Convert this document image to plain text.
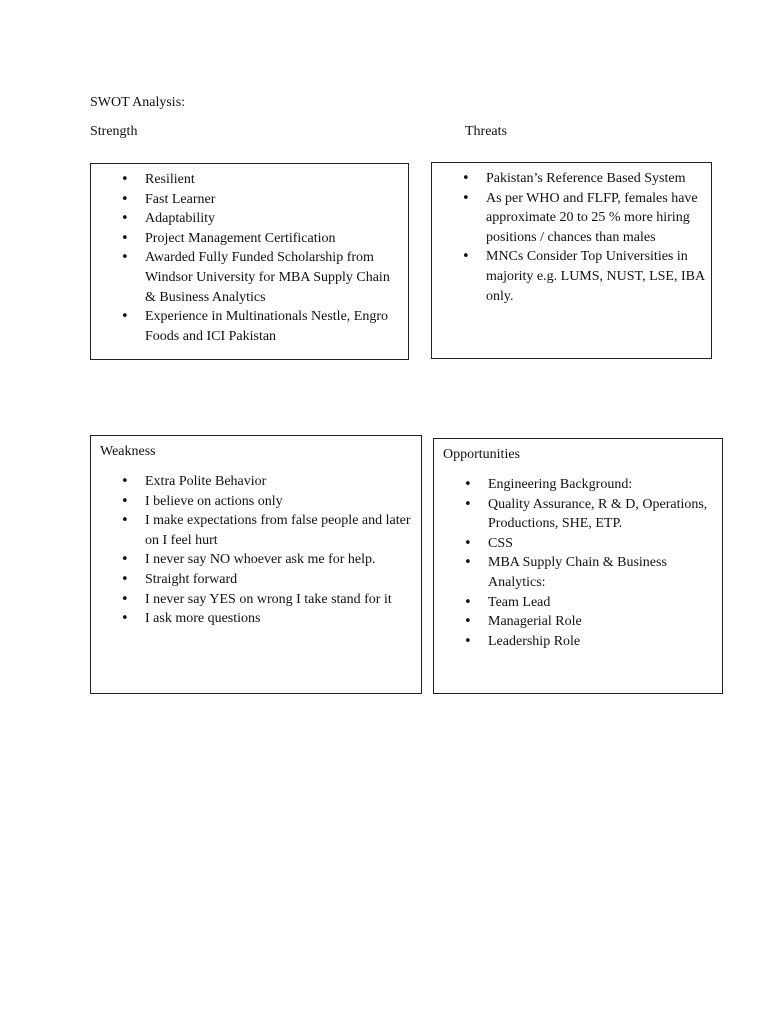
SWOT Analysis:
Strength	Threats
• Resilient
• Fast Learner
• Adaptability
• Project Management Certification
• Awarded Fully Funded Scholarship from Windsor University for MBA Supply Chain & Business Analytics
• Experience in Multinationals Nestle, Engro Foods and ICI Pakistan
• Pakistan’s Reference Based System
• As per WHO and FLFP, females have approximate 20 to 25 % more hiring positions / chances than males
• MNCs Consider Top Universities in majority e.g. LUMS, NUST, LSE, IBA only.
Weakness
• Extra Polite Behavior
• I believe on actions only
• I make expectations from false people and later on I feel hurt
• I never say NO whoever ask me for help.
• Straight forward
• I never say YES on wrong I take stand for it
• I ask more questions
Opportunities
• Engineering Background:
• Quality Assurance, R & D, Operations, Productions, SHE, ETP.
• CSS
• MBA Supply Chain & Business Analytics:
• Team Lead
• Managerial Role
• Leadership Role
